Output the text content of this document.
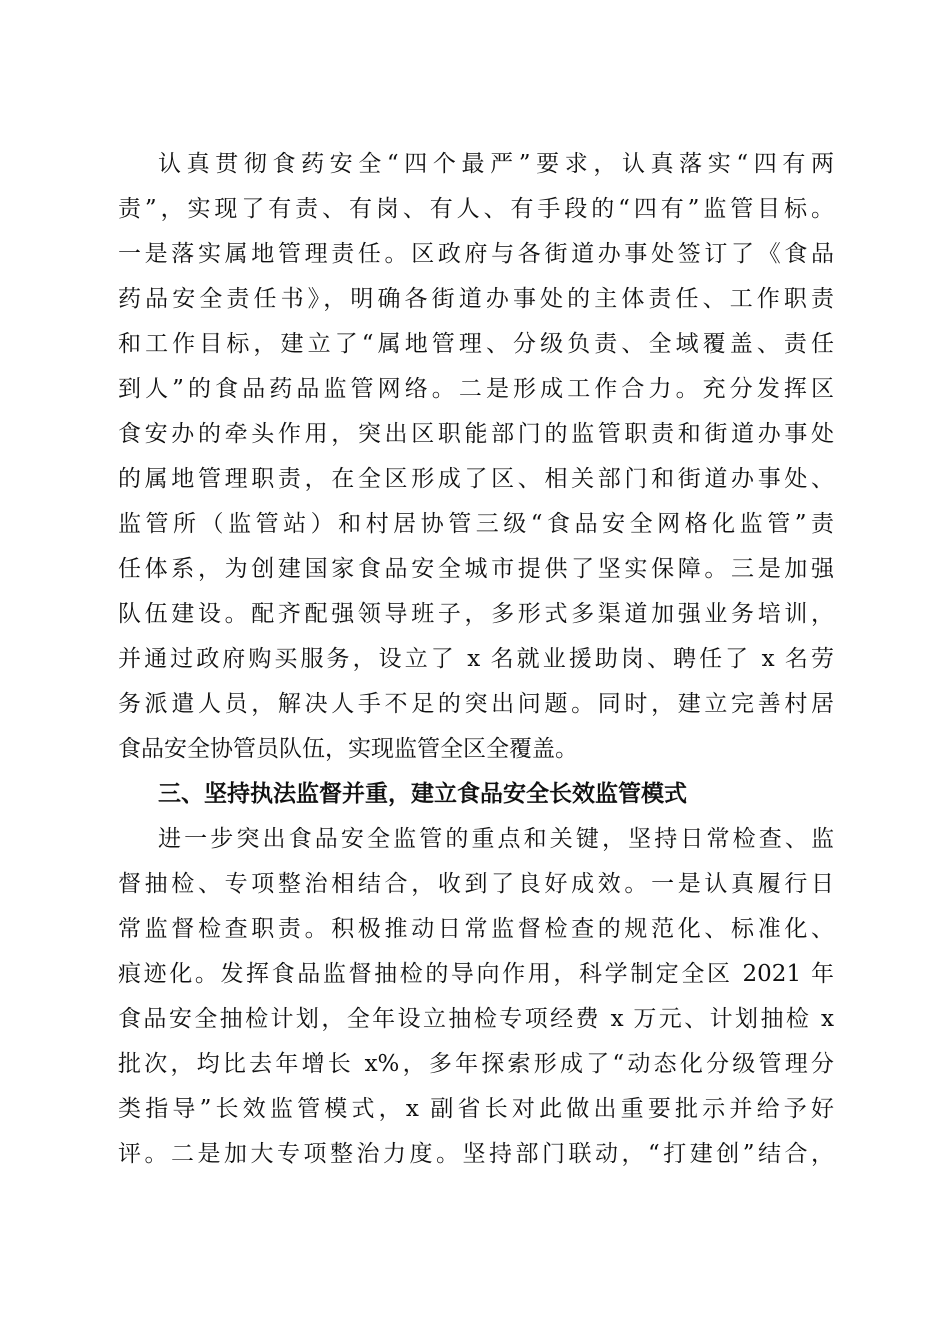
认真贯彻食药安全“四个最严”要求，认真落实“四有两
责”，实现了有责、有岗、有人、有手段的“四有”监管目标。
一是落实属地管理责任。区政府与各街道办事处签订了《食品
药品安全责任书》，明确各街道办事处的主体责任、工作职责
和工作目标，建立了“属地管理、分级负责、全域覆盖、责任
到人”的食品药品监管网络。二是形成工作合力。充分发挥区
食安办的牵头作用，突出区职能部门的监管职责和街道办事处
的属地管理职责，在全区形成了区、相关部门和街道办事处、
监管所（监管站）和村居协管三级“食品安全网格化监管”责
任体系，为创建国家食品安全城市提供了坚实保障。三是加强
队伍建设。配齐配强领导班子，多形式多渠道加强业务培训，
并通过政府购买服务，设立了 x 名就业援助岗、聘任了 x 名劳
务派遣人员，解决人手不足的突出问题。同时，建立完善村居
食品安全协管员队伍，实现监管全区全覆盖。
三、坚持执法监督并重，建立食品安全长效监管模式
进一步突出食品安全监管的重点和关键，坚持日常检查、监
督抽检、专项整治相结合，收到了良好成效。一是认真履行日
常监督检查职责。积极推动日常监督检查的规范化、标准化、
痕迹化。发挥食品监督抽检的导向作用，科学制定全区 2021 年
食品安全抽检计划，全年设立抽检专项经费 x 万元、计划抽检 x
批次，均比去年增长 x%，多年探索形成了“动态化分级管理分
类指导”长效监管模式，x 副省长对此做出重要批示并给予好
评。二是加大专项整治力度。坚持部门联动，“打建创”结合，
